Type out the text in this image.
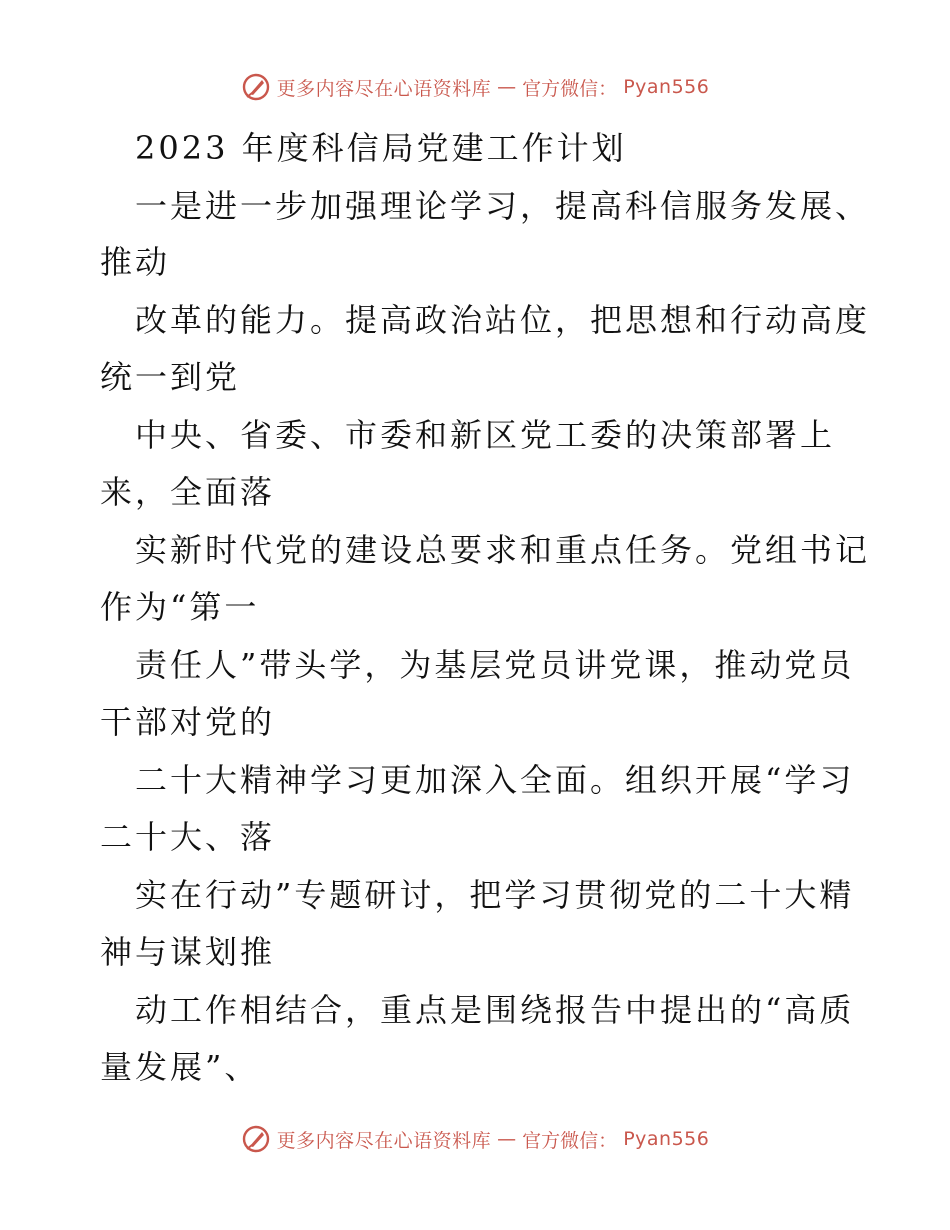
更多内容尽在心语资料库 — 官方微信： Pyan556
2023 年度科信局党建工作计划
一是进一步加强理论学习，提高科信服务发展、
推动
改革的能力。提高政治站位，把思想和行动高度
统一到党
中央、省委、市委和新区党工委的决策部署上
来，全面落
实新时代党的建设总要求和重点任务。党组书记
作为“第一
责任人”带头学，为基层党员讲党课，推动党员
干部对党的
二十大精神学习更加深入全面。组织开展“学习
二十大、落
实在行动”专题研讨，把学习贯彻党的二十大精
神与谋划推
动工作相结合，重点是围绕报告中提出的“高质
量发展”、
更多内容尽在心语资料库 — 官方微信： Pyan556
